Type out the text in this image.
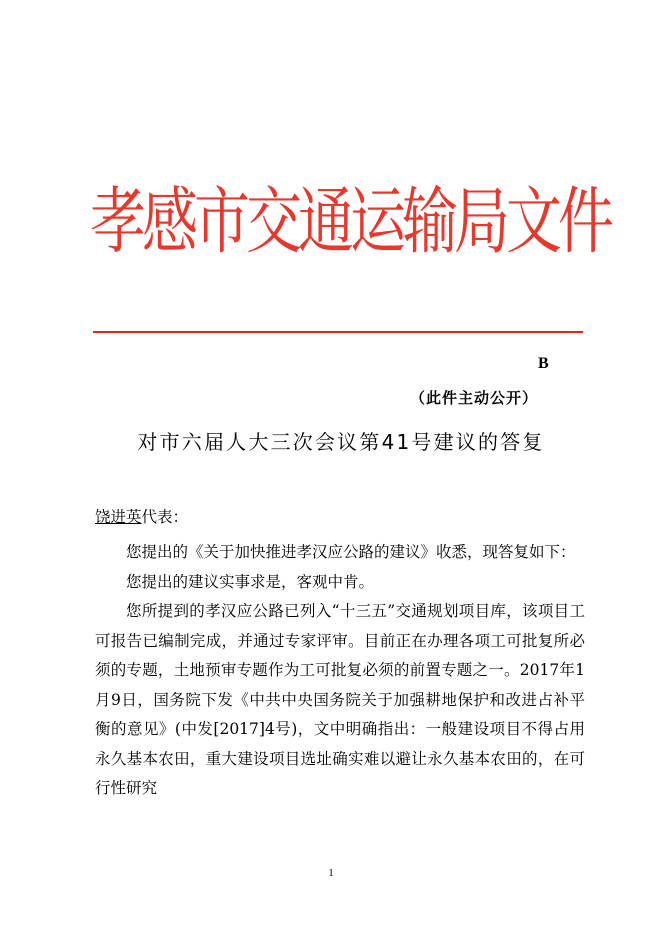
孝感市交通运输局文件
B
（此件主动公开）
对市六届人大三次会议第41号建议的答复
饶进英代表：

您提出的《关于加快推进孝汉应公路的建议》收悉，现答复如下：

您提出的建议实事求是，客观中肯。

您所提到的孝汉应公路已列入“十三五”交通规划项目库，该项目工可报告已编制完成，并通过专家评审。目前正在办理各项工可批复所必须的专题，土地预审专题作为工可批复必须的前置专题之一。2017年1月9日，国务院下发《中共中央国务院关于加强耕地保护和改进占补平衡的意见》(中发[2017]4号)，文中明确指出：一般建设项目不得占用永久基本农田，重大建设项目选址确实难以避让永久基本农田的，在可行性研究

1
